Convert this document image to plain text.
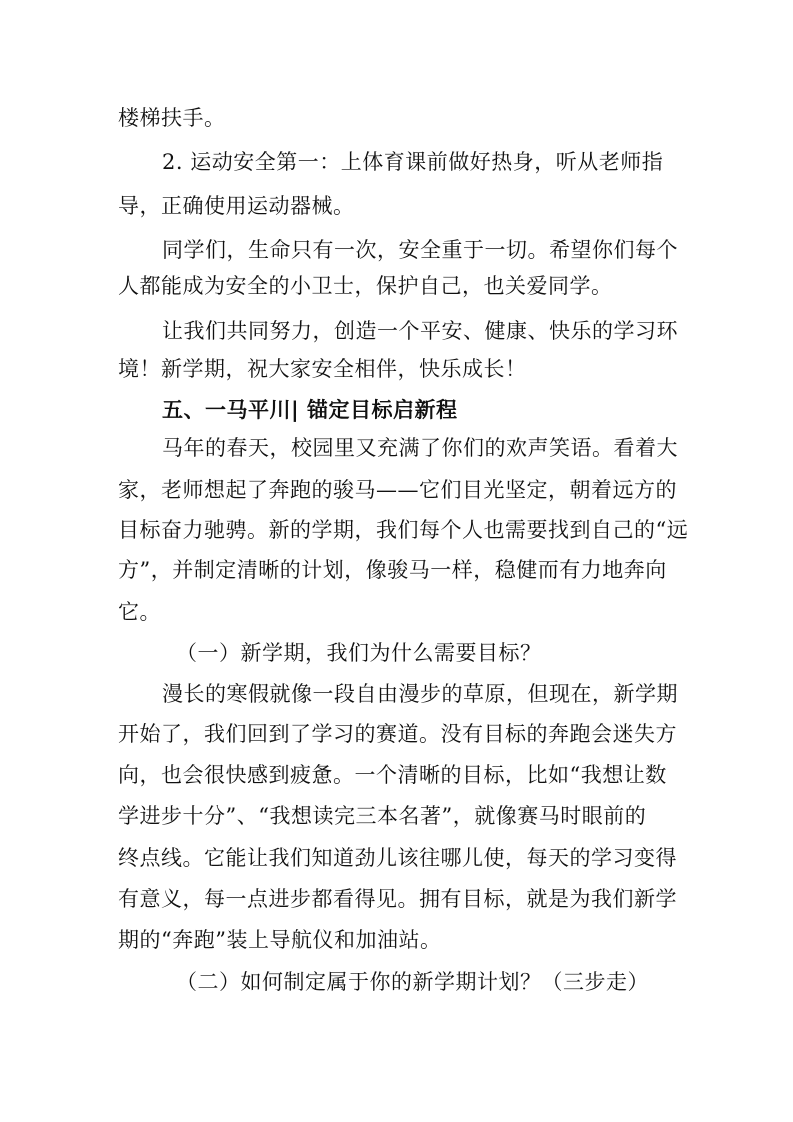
楼梯扶手。
2. 运动安全第一：上体育课前做好热身，听从老师指
导，正确使用运动器械。
同学们，生命只有一次，安全重于一切。希望你们每个
人都能成为安全的小卫士，保护自己，也关爱同学。
让我们共同努力，创造一个平安、健康、快乐的学习环
境！新学期，祝大家安全相伴，快乐成长！
五、一马平川| 锚定目标启新程
马年的春天，校园里又充满了你们的欢声笑语。看着大
家，老师想起了奔跑的骏马——它们目光坚定，朝着远方的
目标奋力驰骋。新的学期，我们每个人也需要找到自己的“远
方”，并制定清晰的计划，像骏马一样，稳健而有力地奔向
它。
（一）新学期，我们为什么需要目标？
漫长的寒假就像一段自由漫步的草原，但现在，新学期
开始了，我们回到了学习的赛道。没有目标的奔跑会迷失方
向，也会很快感到疲惫。一个清晰的目标，比如“我想让数
学进步十分”、“我想读完三本名著”，就像赛马时眼前的
终点线。它能让我们知道劲儿该往哪儿使，每天的学习变得
有意义，每一点进步都看得见。拥有目标，就是为我们新学
期的“奔跑”装上导航仪和加油站。
（二）如何制定属于你的新学期计划？（三步走）
